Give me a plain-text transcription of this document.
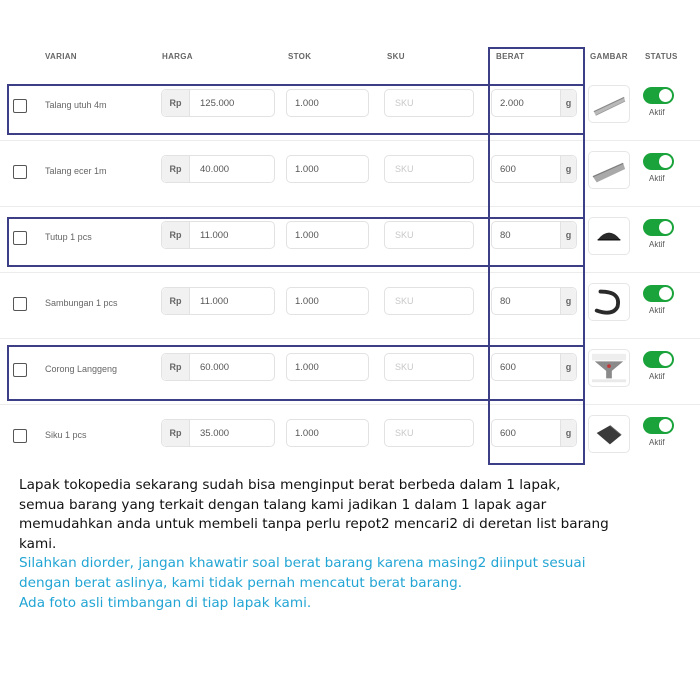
VARIAN	HARGA	STOK	SKU	BERAT	GAMBAR STATUS
Talang utuh 4m	Rp	125.000	1.000	SKU	2.000	g
Aktif
Talang ecer 1m	Rp	40.000	1.000	SKU	600	g
Aktif
Tutup 1 pcs	Rp	11.000	1.000	SKU	80	g
Aktif
Sambungan 1 pcs	Rp	11.000	1.000	SKU	80	g
Aktif
Corong Langgeng	Rp	60.000	1.000	SKU	600	g
Aktif
Siku 1 pcs	Rp	35.000	1.000	SKU	600	g
Aktif

Lapak tokopedia sekarang sudah bisa menginput berat berbeda dalam 1 lapak,

semua barang yang terkait dengan talang kami jadikan 1 dalam 1 lapak agar

memudahkan anda untuk membeli tanpa perlu repot2 mencari2 di deretan list barang

kami.

Silahkan diorder, jangan khawatir soal berat barang karena masing2 diinput sesuai

dengan berat aslinya, kami tidak pernah mencatut berat barang.

Ada foto asli timbangan di tiap lapak kami.
